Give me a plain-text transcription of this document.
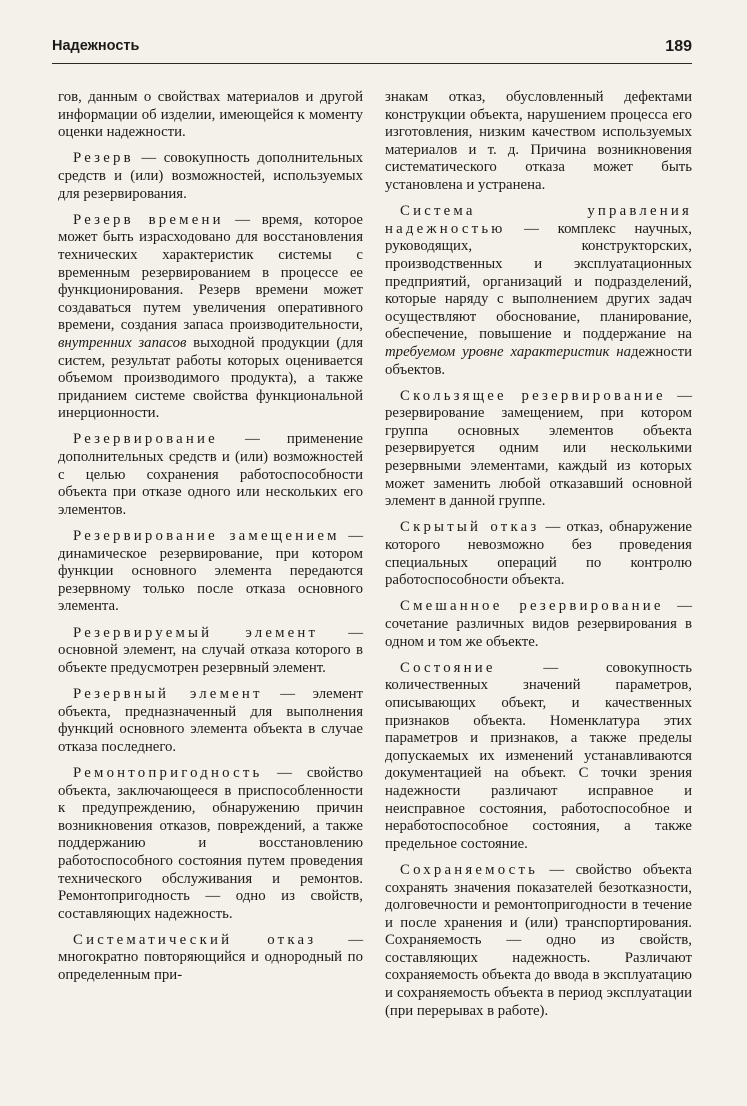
Надежность	189

гов, данным о свойствах материалов и другой информации об изделии, имеющейся к моменту оценки надежности.

Резерв — совокупность дополнительных средств и (или) возможностей, используемых для резервирования.

Резерв времени — время, которое может быть израсходовано для восстановления технических характеристик системы с временным резервированием в процессе ее функционирования. Резерв времени может создаваться путем увеличения оперативного времени, создания запаса производительности, внутренних запасов выходной продукции (для систем, результат работы которых оценивается объемом производимого продукта), а также приданием системе свойства функциональной инерционности.

Резервирование — применение дополнительных средств и (или) возможностей с целью сохранения работоспособности объекта при отказе одного или нескольких его элементов.

Резервирование замещением — динамическое резервирование, при котором функции основного элемента передаются резервному только после отказа основного элемента.

Резервируемый элемент — основной элемент, на случай отказа которого в объекте предусмотрен резервный элемент.

Резервный элемент — элемент объекта, предназначенный для выполнения функций основного элемента объекта в случае отказа последнего.

Ремонтопригодность — свойство объекта, заключающееся в приспособленности к предупреждению, обнаружению причин возникновения отказов, повреждений, а также поддержанию и восстановлению работоспособного состояния путем проведения технического обслуживания и ремонтов. Ремонтопригодность — одно из свойств, составляющих надежность.

Систематический отказ — многократно повторяющийся и однородный по определенным при-

знакам отказ, обусловленный дефектами конструкции объекта, нарушением процесса его изготовления, низким качеством используемых материалов и т. д. Причина возникновения систематического отказа может быть установлена и устранена.

Система управления надежностью — комплекс научных, руководящих, конструкторских, производственных и эксплуатационных предприятий, организаций и подразделений, которые наряду с выполнением других задач осуществляют обоснование, планирование, обеспечение, повышение и поддержание на требуемом уровне характеристик надежности объектов.

Скользящее резервирование — резервирование замещением, при котором группа основных элементов объекта резервируется одним или несколькими резервными элементами, каждый из которых может заменить любой отказавший основной элемент в данной группе.

Скрытый отказ — отказ, обнаружение которого невозможно без проведения специальных операций по контролю работоспособности объекта.

Смешанное резервирование — сочетание различных видов резервирования в одном и том же объекте.

Состояние — совокупность количественных значений параметров, описывающих объект, и качественных признаков объекта. Номенклатура этих параметров и признаков, а также пределы допускаемых их изменений устанавливаются документацией на объект. С точки зрения надежности различают исправное и неисправное состояния, работоспособное и неработоспособное состояния, а также предельное состояние.

Сохраняемость — свойство объекта сохранять значения показателей безотказности, долговечности и ремонтопригодности в течение и после хранения и (или) транспортирования. Сохраняемость — одно из свойств, составляющих надежность. Различают сохраняемость объекта до ввода в эксплуатацию и сохраняемость объекта в период эксплуатации (при перерывах в работе).
